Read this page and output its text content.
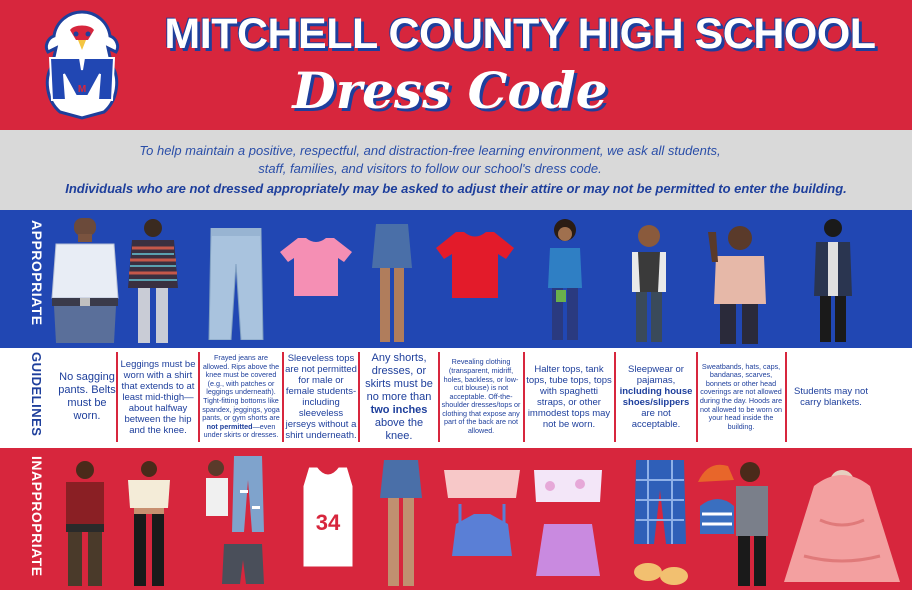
M
MITCHELL COUNTY HIGH SCHOOL
Dress Code
To help maintain a positive, respectful, and distraction-free learning environment, we ask all students, staff, families, and visitors to follow our school's dress code.
Individuals who are not dressed appropriately may be asked to adjust their attire or may not be permitted to enter the building.
APPROPRIATE
GUIDELINES
INAPPROPRIATE
No sagging pants. Belts must be worn.
Leggings must be worn with a shirt that extends to at least mid-thigh—about halfway between the hip and the knee.
Frayed jeans are allowed. Rips above the knee must be covered (e.g., with patches or leggings underneath). Tight-fitting bottoms like spandex, jeggings, yoga pants, or gym shorts are not permitted—even under skirts or dresses.
Sleeveless tops are not permitted for male or female students-including sleeveless jerseys without a shirt underneath.
Any shorts, dresses, or skirts must be no more than two inches above the knee.
Revealing clothing (transparent, midriff, holes, backless, or low-cut blouse) is not acceptable. Off-the-shoulder dresses/tops or clothing that expose any part of the back are not allowed.
Halter tops, tank tops, tube tops, tops with spaghetti straps, or other immodest tops may not be worn.
Sleepwear or pajamas, including house shoes/slippers are not acceptable.
Sweatbands, hats, caps, bandanas, scarves, bonnets or other head coverings are not allowed during the day. Hoods are not allowed to be worn on your head inside the building.
Students may not carry blankets.
34
